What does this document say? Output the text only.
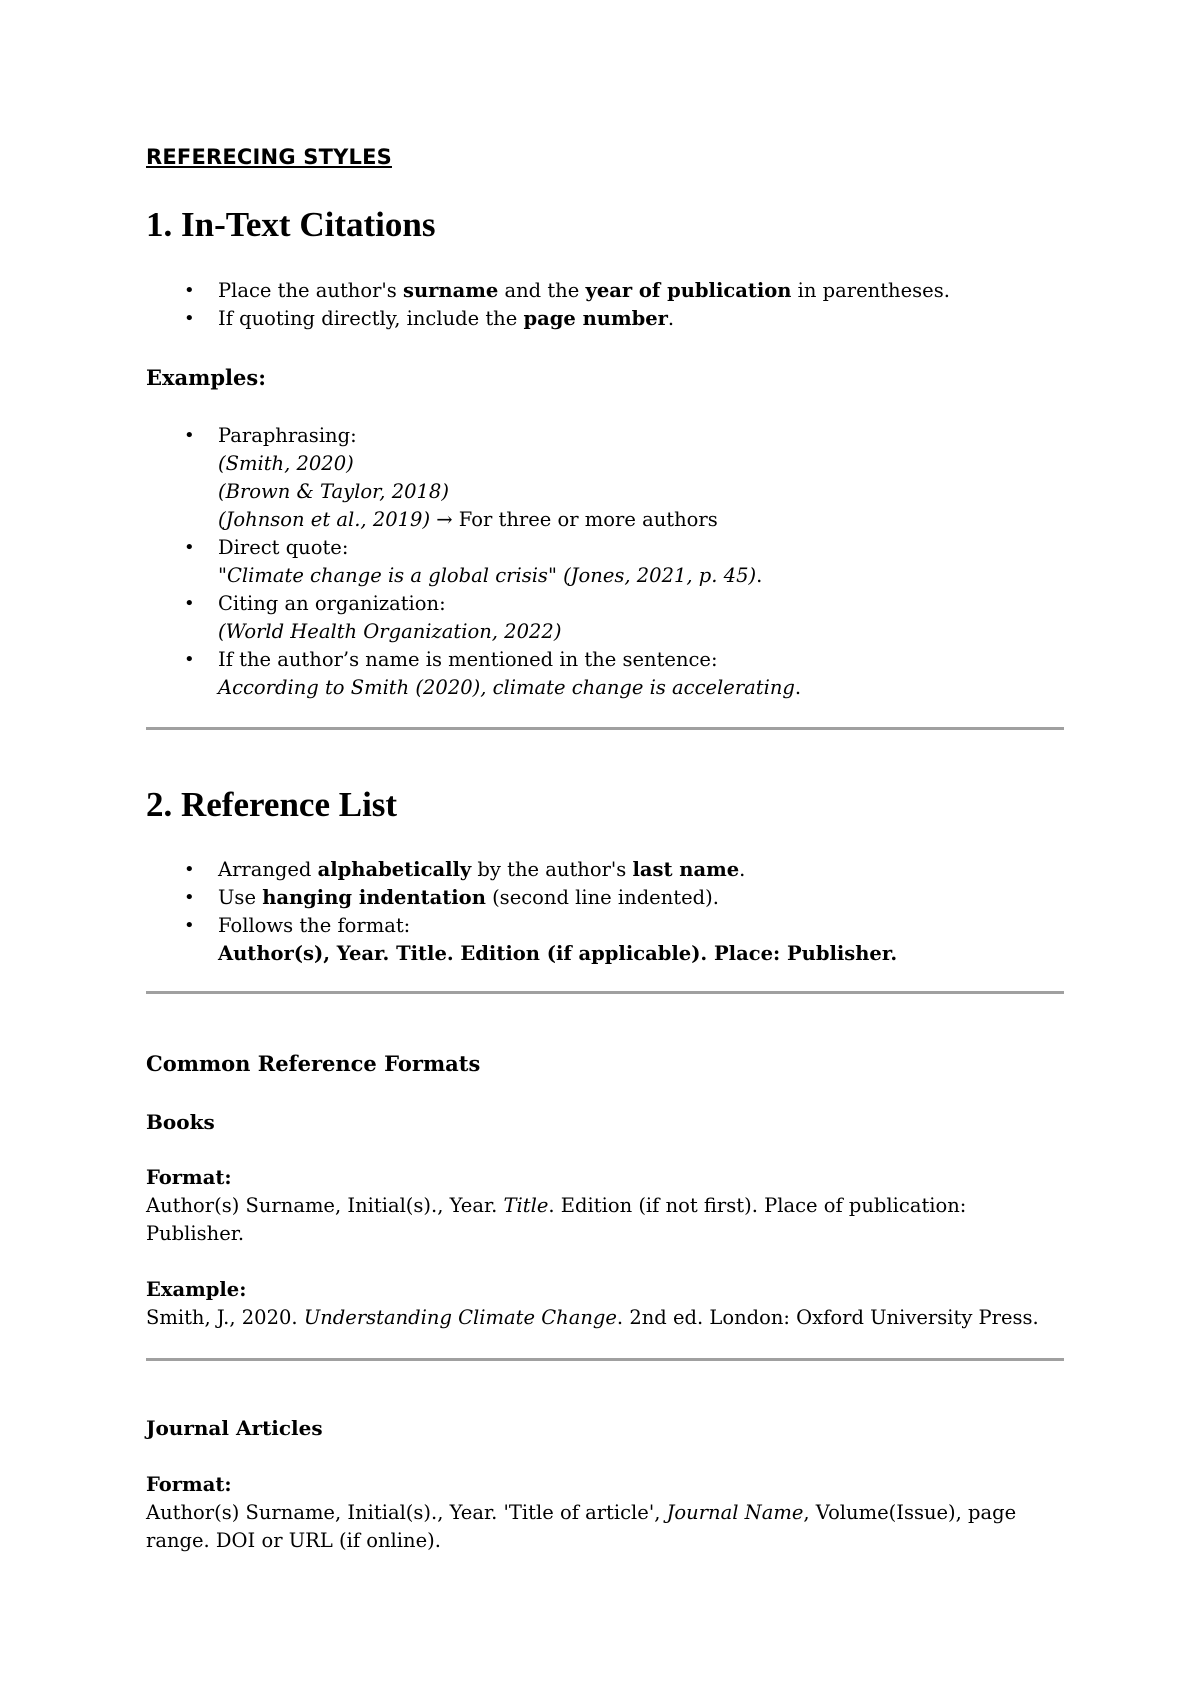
REFERECING STYLES
1. In-Text Citations
• Place the author's surname and the year of publication in parentheses.
• If quoting directly, include the page number.
Examples:
• Paraphrasing:
(Smith, 2020)
(Brown & Taylor, 2018)
(Johnson et al., 2019) → For three or more authors
• Direct quote:
"Climate change is a global crisis" (Jones, 2021, p. 45).
• Citing an organization:
(World Health Organization, 2022)
• If the author’s name is mentioned in the sentence:
According to Smith (2020), climate change is accelerating.
2. Reference List
• Arranged alphabetically by the author's last name.
• Use hanging indentation (second line indented).
• Follows the format:
Author(s), Year. Title. Edition (if applicable). Place: Publisher.
Common Reference Formats
Books
Format:
Author(s) Surname, Initial(s)., Year. Title. Edition (if not first). Place of publication: Publisher.
Example:
Smith, J., 2020. Understanding Climate Change. 2nd ed. London: Oxford University Press.
Journal Articles
Format:
Author(s) Surname, Initial(s)., Year. 'Title of article', Journal Name, Volume(Issue), page range. DOI or URL (if online).
